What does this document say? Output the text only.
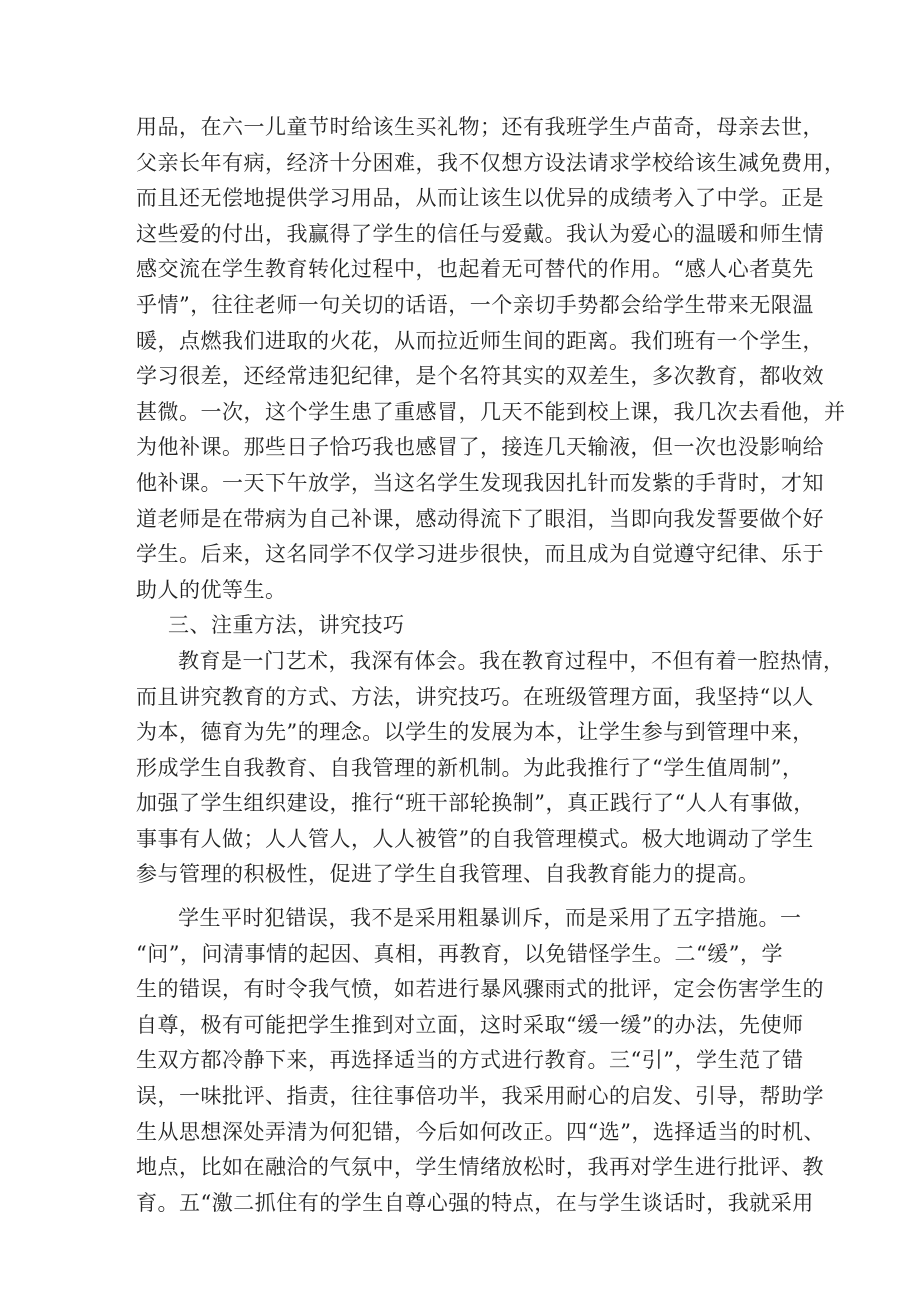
用品，在六一儿童节时给该生买礼物；还有我班学生卢苗奇，母亲去世，
父亲长年有病，经济十分困难，我不仅想方设法请求学校给该生减免费用，
而且还无偿地提供学习用品，从而让该生以优异的成绩考入了中学。正是
这些爱的付出，我赢得了学生的信任与爱戴。我认为爱心的温暖和师生情
感交流在学生教育转化过程中，也起着无可替代的作用。“感人心者莫先
乎情”，往往老师一句关切的话语，一个亲切手势都会给学生带来无限温
暖，点燃我们进取的火花，从而拉近师生间的距离。我们班有一个学生，
学习很差，还经常违犯纪律，是个名符其实的双差生，多次教育，都收效
甚微。一次，这个学生患了重感冒，几天不能到校上课，我几次去看他，并
为他补课。那些日子恰巧我也感冒了，接连几天输液，但一次也没影响给
他补课。一天下午放学，当这名学生发现我因扎针而发紫的手背时，才知
道老师是在带病为自己补课，感动得流下了眼泪，当即向我发誓要做个好
学生。后来，这名同学不仅学习进步很快，而且成为自觉遵守纪律、乐于
助人的优等生。
三、注重方法，讲究技巧
教育是一门艺术，我深有体会。我在教育过程中，不但有着一腔热情，
而且讲究教育的方式、方法，讲究技巧。在班级管理方面，我坚持“以人
为本，德育为先”的理念。以学生的发展为本，让学生参与到管理中来，
形成学生自我教育、自我管理的新机制。为此我推行了“学生值周制”，
加强了学生组织建设，推行“班干部轮换制”，真正践行了“人人有事做，
事事有人做；人人管人，人人被管”的自我管理模式。极大地调动了学生
参与管理的积极性，促进了学生自我管理、自我教育能力的提高。
学生平时犯错误，我不是采用粗暴训斥，而是采用了五字措施。一
“问”，问清事情的起因、真相，再教育，以免错怪学生。二“缓”，学
生的错误，有时令我气愤，如若进行暴风骤雨式的批评，定会伤害学生的
自尊，极有可能把学生推到对立面，这时采取“缓一缓”的办法，先使师
生双方都冷静下来，再选择适当的方式进行教育。三“引”，学生范了错
误，一味批评、指责，往往事倍功半，我采用耐心的启发、引导，帮助学
生从思想深处弄清为何犯错，今后如何改正。四“选”，选择适当的时机、
地点，比如在融洽的气氛中，学生情绪放松时，我再对学生进行批评、教
育。五“激二抓住有的学生自尊心强的特点，在与学生谈话时，我就采用
